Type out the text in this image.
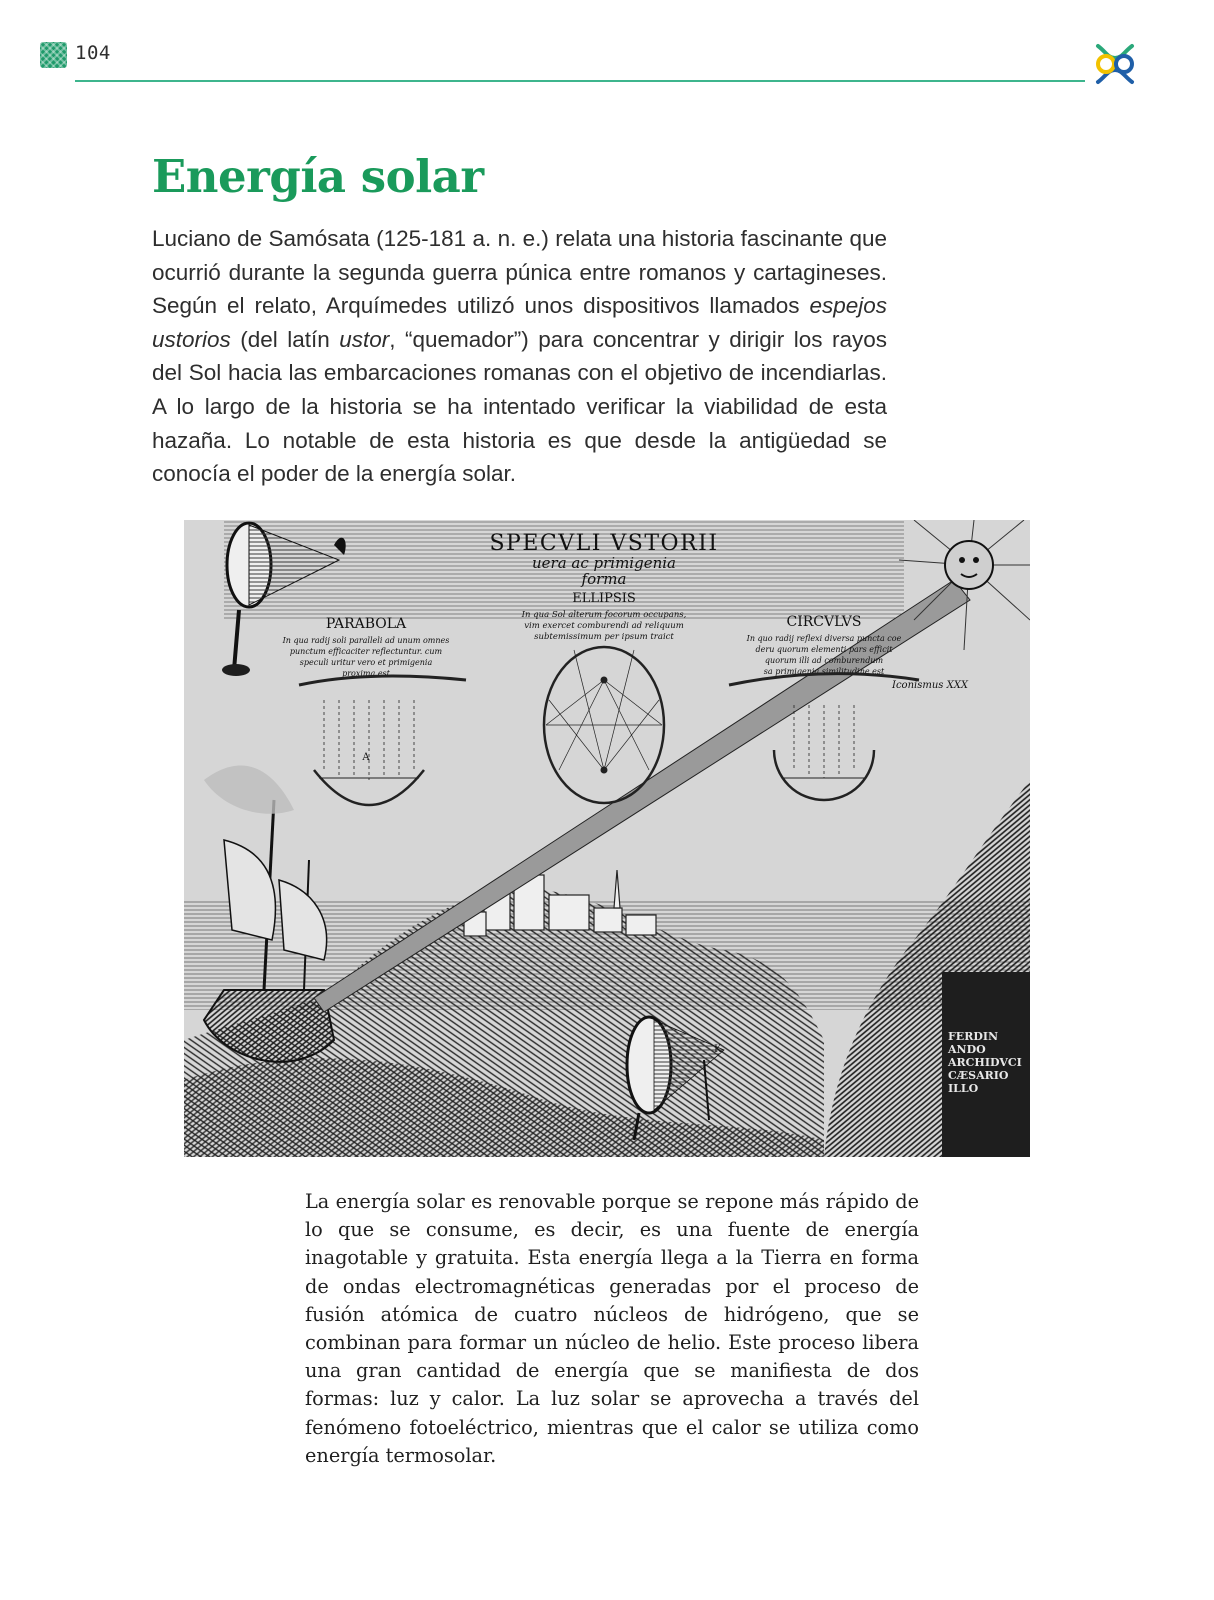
104
Energía solar

Luciano de Samósata (125-181 a. n. e.) relata una historia fascinante que ocurrió durante la segunda guerra púnica entre romanos y cartagineses. Según el relato, Arquímedes utilizó unos dispositivos llamados espejos ustorios (del latín ustor, “quemador”) para concentrar y dirigir los rayos del Sol hacia las embarcaciones romanas con el objetivo de incendiarlas. A lo largo de la historia se ha intentado verificar la viabilidad de esta hazaña. Lo notable de esta historia es que desde la antigüedad se conocía el poder de la energía solar.

FERDIN
ANDO
ARCHIDVCI
CÆSARIO
ILLO
SPECVLI VSTORII
uera ac primigenia
forma
ELLIPSIS
In qua Sol alterum focorum occupans,
vim exercet comburendi ad reliquum
subtemissimum per ipsum traict
PARABOLA
In qua radij soli paralleli ad unum omnes
punctum efficaciter reflectuntur. cum
speculi uritur vero et primigenia
proxima est
CIRCVLVS
In quo radij reflexi diversa puncta coe
deru quorum elementi pars efficit
quorum illi ad comburendum
sa primigenia similitudine est
Iconismus XXX
A
K

La energía solar es renovable porque se repone más rápido de lo que se consume, es decir, es una fuente de energía inagotable y gratuita. Esta energía llega a la Tierra en forma de ondas electromagnéticas generadas por el proceso de fusión atómica de cuatro núcleos de hidrógeno, que se combinan para formar un núcleo de helio. Este proceso libera una gran cantidad de energía que se manifiesta de dos formas: luz y calor. La luz solar se aprovecha a través del fenómeno fotoeléctrico, mientras que el calor se utiliza como energía termosolar.
